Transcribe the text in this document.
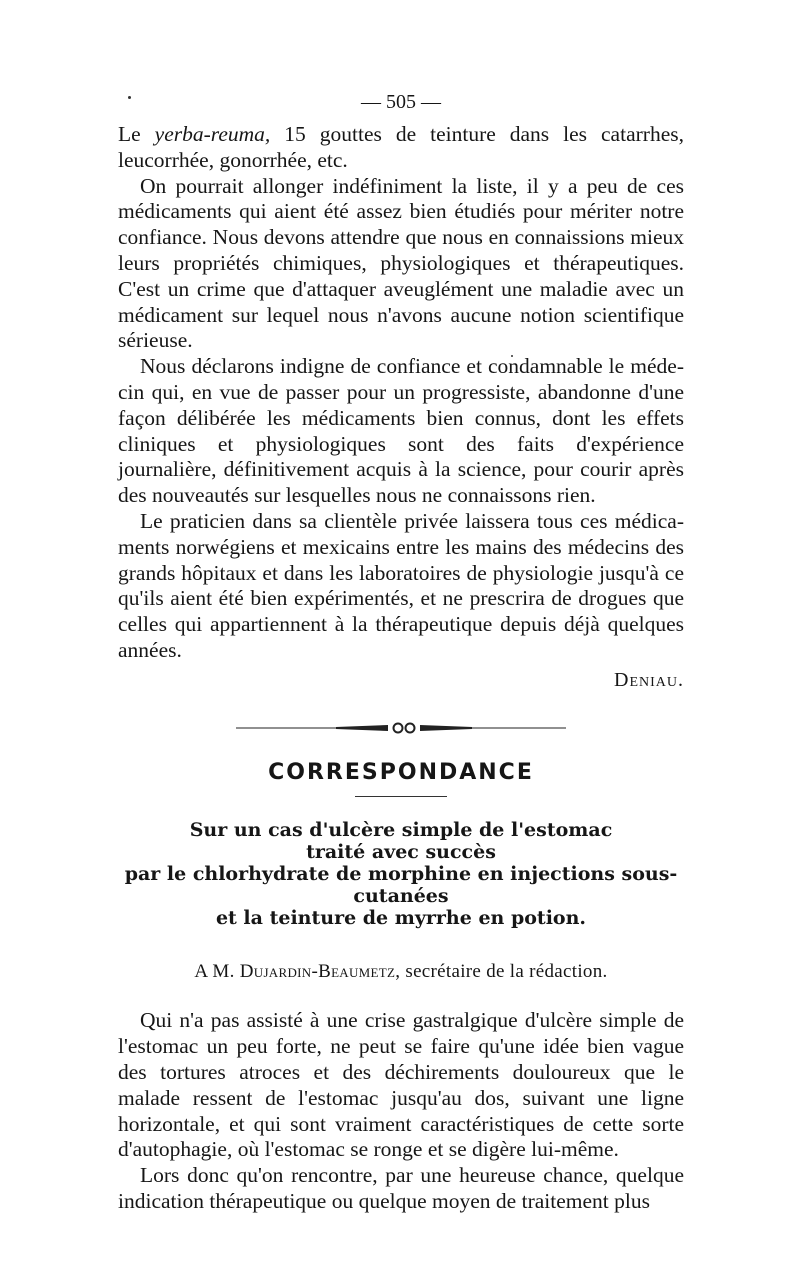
— 505 —

Le yerba-reuma, 15 gouttes de teinture dans les catarrhes, leucorrhée, gonorrhée, etc.

On pourrait allonger indéfiniment la liste, il y a peu de ces médicaments qui aient été assez bien étudiés pour mériter notre confiance. Nous devons attendre que nous en connaissions mieux leurs propriétés chimiques, physiologiques et thérapeutiques. C'est un crime que d'attaquer aveuglément une maladie avec un médicament sur lequel nous n'avons aucune notion scientifique sérieuse.

Nous déclarons indigne de confiance et condamnable le médecin qui, en vue de passer pour un progressiste, abandonne d'une façon délibérée les médicaments bien connus, dont les effets cliniques et physiologiques sont des faits d'expérience journalière, définitivement acquis à la science, pour courir après des nouveautés sur lesquelles nous ne connaissons rien.

Le praticien dans sa clientèle privée laissera tous ces médicaments norwégiens et mexicains entre les mains des médecins des grands hôpitaux et dans les laboratoires de physiologie jusqu'à ce qu'ils aient été bien expérimentés, et ne prescrira de drogues que celles qui appartiennent à la thérapeutique depuis déjà quelques années.

Deniau.
CORRESPONDANCE
Sur un cas d'ulcère simple de l'estomac
traité avec succès
par le chlorhydrate de morphine en injections sous-cutanées
et la teinture de myrrhe en potion.
A M. Dujardin-Beaumetz, secrétaire de la rédaction.

Qui n'a pas assisté à une crise gastralgique d'ulcère simple de l'estomac un peu forte, ne peut se faire qu'une idée bien vague des tortures atroces et des déchirements douloureux que le malade ressent de l'estomac jusqu'au dos, suivant une ligne horizontale, et qui sont vraiment caractéristiques de cette sorte d'autophagie, où l'estomac se ronge et se digère lui-même.

Lors donc qu'on rencontre, par une heureuse chance, quelque indication thérapeutique ou quelque moyen de traitement plus
